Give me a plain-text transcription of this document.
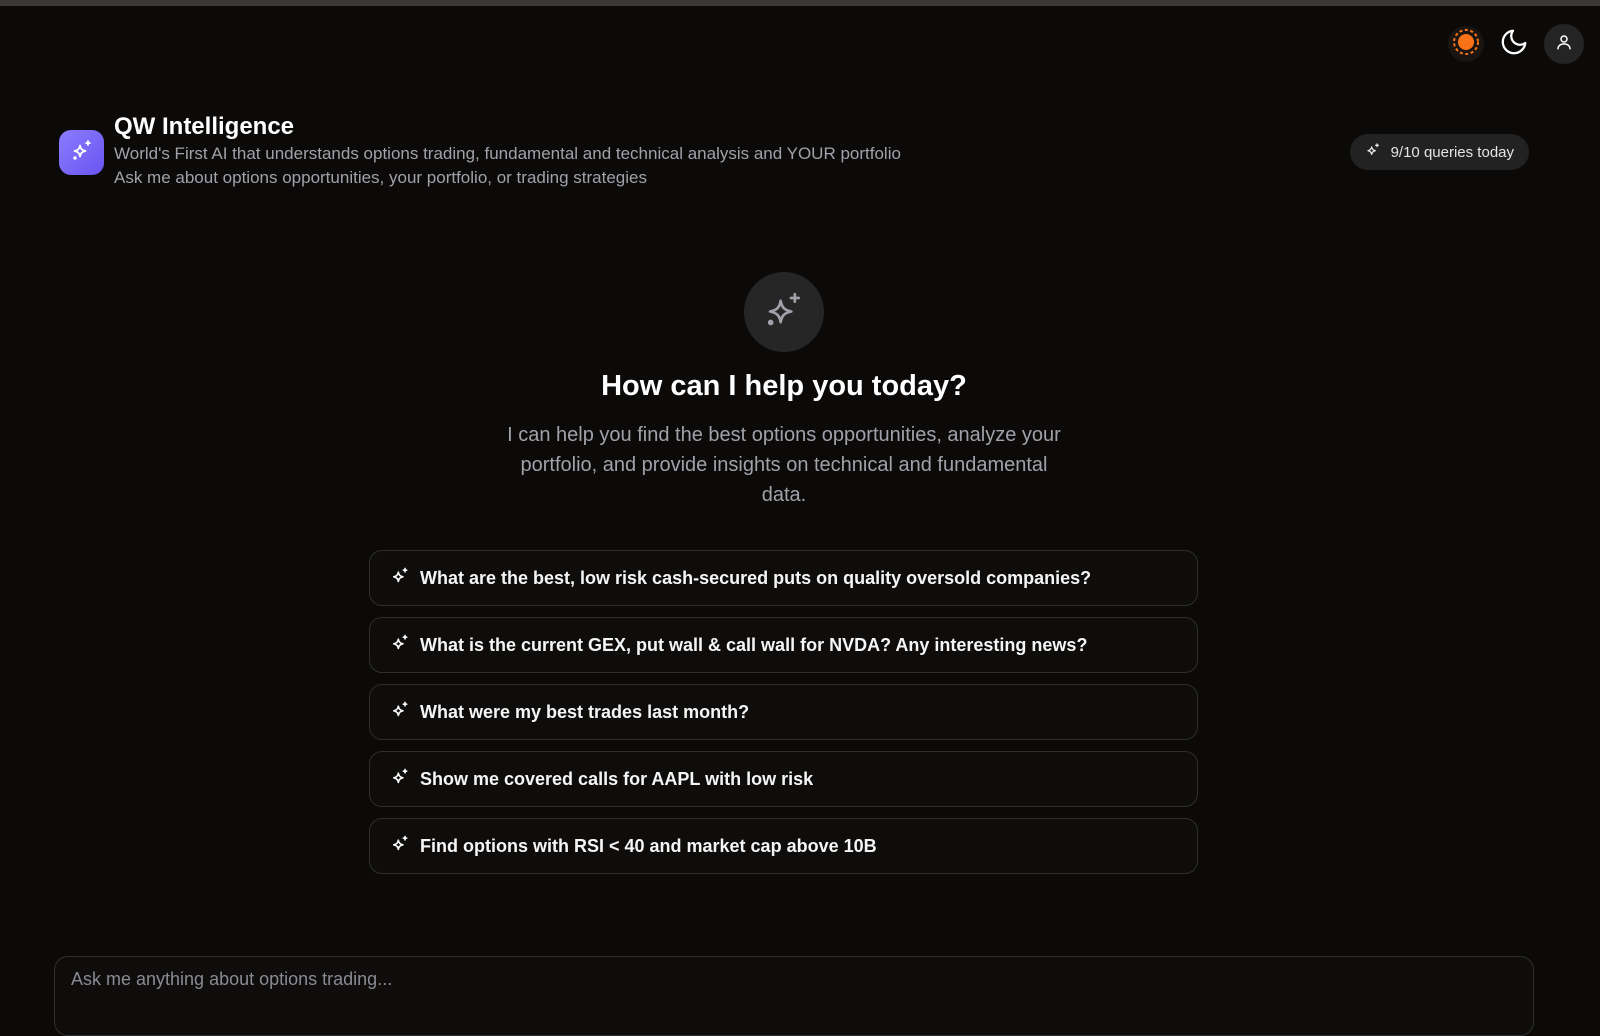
QW Intelligence
World's First AI that understands options trading, fundamental and technical analysis and YOUR portfolio
Ask me about options opportunities, your portfolio, or trading strategies
9/10 queries today
How can I help you today?
I can help you find the best options opportunities, analyze your portfolio, and provide insights on technical and fundamental data.
What are the best, low risk cash-secured puts on quality oversold companies?
What is the current GEX, put wall & call wall for NVDA? Any interesting news?
What were my best trades last month?
Show me covered calls for AAPL with low risk
Find options with RSI < 40 and market cap above 10B
Ask me anything about options trading...
